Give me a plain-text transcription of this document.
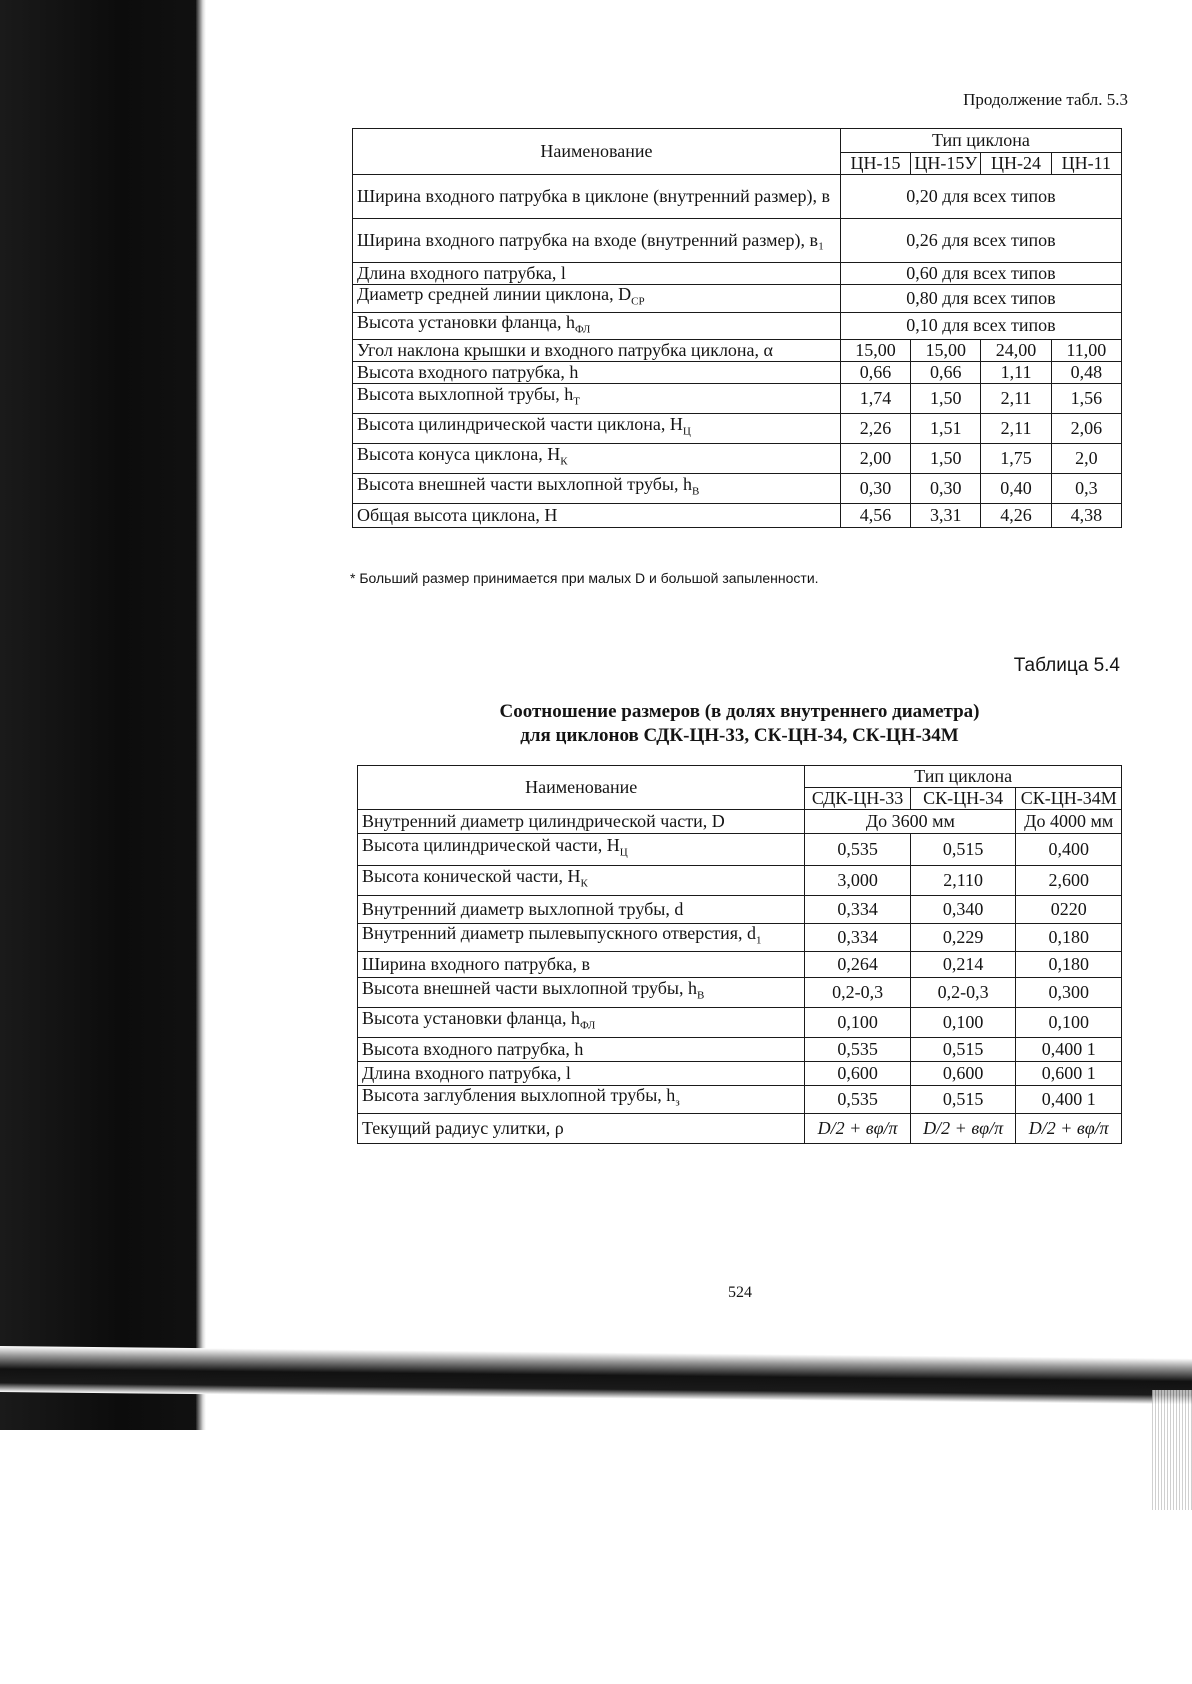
Продолжение табл. 5.3
Наименование	Тип циклона			
	ЦН-15	ЦН-15У	ЦН-24	ЦН-11
Ширина входного патрубка в циклоне (внутренний размер), в	0,20 для всех типов			
Ширина входного патрубка на входе (внутренний размер), в₁	0,26 для всех типов			
Длина входного патрубка, l	0,60 для всех типов			
Диаметр средней линии циклона, $D_{СР}$	0,80 для всех типов			
Высота установки фланца, $h_{ФЛ}$	0,10 для всех типов			
Угол наклона крышки и входного патрубка циклона, α	15,00	15,00	24,00	11,00
Высота входного патрубка, h	0,66	0,66	1,11	0,48
Высота выхлопной трубы, $h_Т$	1,74	1,50	2,11	1,56
Высота цилиндрической части циклона, $H_Ц$	2,26	1,51	2,11	2,06
Высота конуса циклона, $H_К$	2,00	1,50	1,75	2,0
Высота внешней части выхлопной трубы, $h_В$	0,30	0,30	0,40	0,3
Общая высота циклона, H	4,56	3,31	4,26	4,38
* Больший размер принимается при малых D и большой запыленности.
Таблица 5.4
Соотношение размеров (в долях внутреннего диаметра)
для циклонов СДК-ЦН-33, СК-ЦН-34, СК-ЦН-34М
Наименование	Тип циклона		
	СДК-ЦН-33	СК-ЦН-34	СК-ЦН-34М
Внутренний диаметр цилиндрической части, D	До 3600 мм		До 4000 мм
Высота цилиндрической части, $H_Ц$	0,535	0,515	0,400
Высота конической части, $H_К$	3,000	2,110	2,600
Внутренний диаметр выхлопной трубы, d	0,334	0,340	0220
Внутренний диаметр пылевыпускного отверстия, $d_1$	0,334	0,229	0,180
Ширина входного патрубка, в	0,264	0,214	0,180
Высота внешней части выхлопной трубы, $h_В$	0,2-0,3	0,2-0,3	0,300
Высота установки фланца, $h_{ФЛ}$	0,100	0,100	0,100
Высота входного патрубка, h	0,535	0,515	0,400 1
Длина входного патрубка, l	0,600	0,600	0,600 1
Высота заглубления выхлопной трубы, $h_з$	0,535	0,515	0,400 1
Текущий радиус улитки, ρ	D/2 + вφ/π	D/2 + вφ/π	D/2 + вφ/π
524
